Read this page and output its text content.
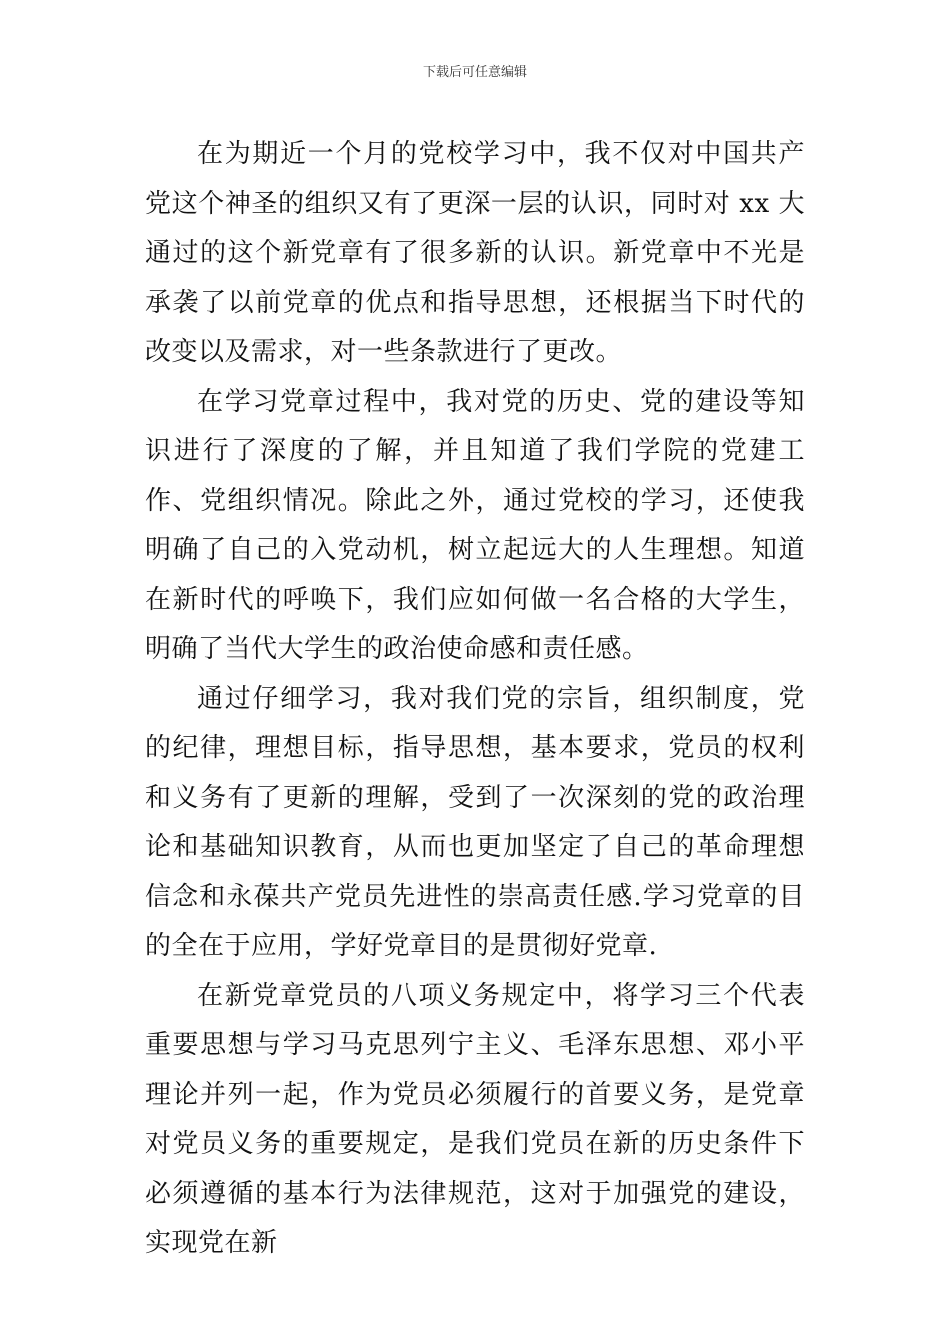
下载后可任意编辑

在为期近一个月的党校学习中，我不仅对中国共产党这个神圣的组织又有了更深一层的认识，同时对 xx 大通过的这个新党章有了很多新的认识。新党章中不光是承袭了以前党章的优点和指导思想，还根据当下时代的改变以及需求，对一些条款进行了更改。

在学习党章过程中，我对党的历史、党的建设等知识进行了深度的了解，并且知道了我们学院的党建工作、党组织情况。除此之外，通过党校的学习，还使我明确了自己的入党动机，树立起远大的人生理想。知道在新时代的呼唤下，我们应如何做一名合格的大学生，明确了当代大学生的政治使命感和责任感。

通过仔细学习，我对我们党的宗旨，组织制度，党的纪律，理想目标，指导思想，基本要求，党员的权利和义务有了更新的理解，受到了一次深刻的党的政治理论和基础知识教育，从而也更加坚定了自己的革命理想信念和永葆共产党员先进性的崇高责任感.学习党章的目的全在于应用，学好党章目的是贯彻好党章.

在新党章党员的八项义务规定中，将学习三个代表重要思想与学习马克思列宁主义、毛泽东思想、邓小平理论并列一起，作为党员必须履行的首要义务，是党章对党员义务的重要规定，是我们党员在新的历史条件下必须遵循的基本行为法律规范，这对于加强党的建设，实现党在新
